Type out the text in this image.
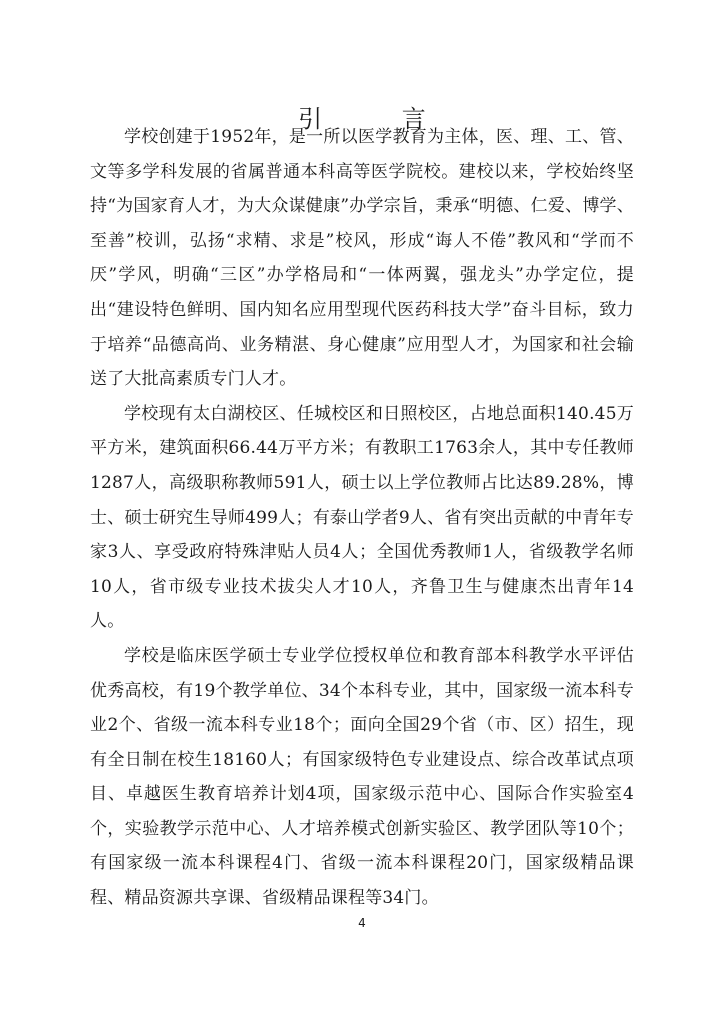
引 言

学校创建于1952年，是一所以医学教育为主体，医、理、工、管、文等多学科发展的省属普通本科高等医学院校。建校以来，学校始终坚持“为国家育人才，为大众谋健康”办学宗旨，秉承“明德、仁爱、博学、至善”校训，弘扬“求精、求是”校风，形成“诲人不倦”教风和“学而不厌”学风，明确“三区”办学格局和“一体两翼，强龙头”办学定位，提出“建设特色鲜明、国内知名应用型现代医药科技大学”奋斗目标，致力于培养“品德高尚、业务精湛、身心健康”应用型人才，为国家和社会输送了大批高素质专门人才。

学校现有太白湖校区、任城校区和日照校区，占地总面积140.45万平方米，建筑面积66.44万平方米；有教职工1763余人，其中专任教师1287人，高级职称教师591人，硕士以上学位教师占比达89.28%，博士、硕士研究生导师499人；有泰山学者9人、省有突出贡献的中青年专家3人、享受政府特殊津贴人员4人；全国优秀教师1人，省级教学名师10人，省市级专业技术拔尖人才10人，齐鲁卫生与健康杰出青年14人。

学校是临床医学硕士专业学位授权单位和教育部本科教学水平评估优秀高校，有19个教学单位、34个本科专业，其中，国家级一流本科专业2个、省级一流本科专业18个；面向全国29个省（市、区）招生，现有全日制在校生18160人；有国家级特色专业建设点、综合改革试点项目、卓越医生教育培养计划4项，国家级示范中心、国际合作实验室4个，实验教学示范中心、人才培养模式创新实验区、教学团队等10个；有国家级一流本科课程4门、省级一流本科课程20门，国家级精品课程、精品资源共享课、省级精品课程等34门。

4
